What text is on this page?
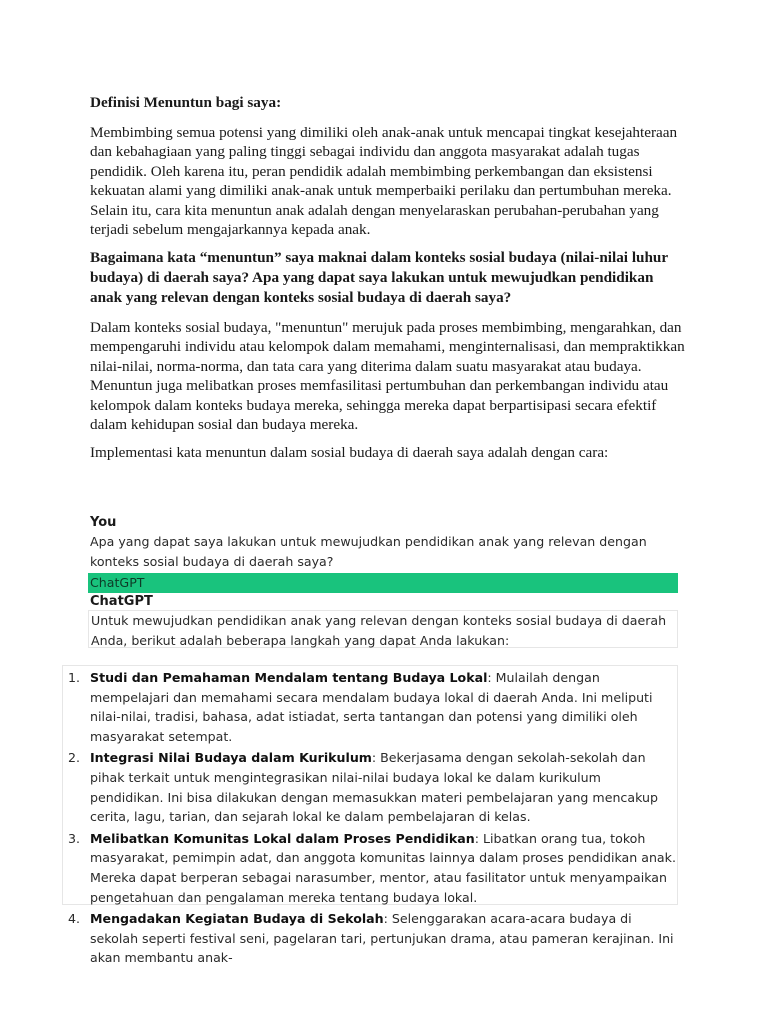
Definisi Menuntun bagi saya:

Membimbing semua potensi yang dimiliki oleh anak-anak untuk mencapai tingkat kesejahteraan dan kebahagiaan yang paling tinggi sebagai individu dan anggota masyarakat adalah tugas pendidik. Oleh karena itu, peran pendidik adalah membimbing perkembangan dan eksistensi kekuatan alami yang dimiliki anak-anak untuk memperbaiki perilaku dan pertumbuhan mereka. Selain itu, cara kita menuntun anak adalah dengan menyelaraskan perubahan-perubahan yang terjadi sebelum mengajarkannya kepada anak.

Bagaimana kata “menuntun” saya maknai dalam konteks sosial budaya (nilai-nilai luhur budaya) di daerah saya? Apa yang dapat saya lakukan untuk mewujudkan pendidikan anak yang relevan dengan konteks sosial budaya di daerah saya?

Dalam konteks sosial budaya, "menuntun" merujuk pada proses membimbing, mengarahkan, dan mempengaruhi individu atau kelompok dalam memahami, menginternalisasi, dan mempraktikkan nilai-nilai, norma-norma, dan tata cara yang diterima dalam suatu masyarakat atau budaya. Menuntun juga melibatkan proses memfasilitasi pertumbuhan dan perkembangan individu atau kelompok dalam konteks budaya mereka, sehingga mereka dapat berpartisipasi secara efektif dalam kehidupan sosial dan budaya mereka.

Implementasi kata menuntun dalam sosial budaya di daerah saya adalah dengan cara:

You

Apa yang dapat saya lakukan untuk mewujudkan pendidikan anak yang relevan dengan konteks sosial budaya di daerah saya?

ChatGPT
ChatGPT

Untuk mewujudkan pendidikan anak yang relevan dengan konteks sosial budaya di daerah Anda, berikut adalah beberapa langkah yang dapat Anda lakukan:

1. Studi dan Pemahaman Mendalam tentang Budaya Lokal: Mulailah dengan mempelajari dan memahami secara mendalam budaya lokal di daerah Anda. Ini meliputi nilai-nilai, tradisi, bahasa, adat istiadat, serta tantangan dan potensi yang dimiliki oleh masyarakat setempat.
2. Integrasi Nilai Budaya dalam Kurikulum: Bekerjasama dengan sekolah-sekolah dan pihak terkait untuk mengintegrasikan nilai-nilai budaya lokal ke dalam kurikulum pendidikan. Ini bisa dilakukan dengan memasukkan materi pembelajaran yang mencakup cerita, lagu, tarian, dan sejarah lokal ke dalam pembelajaran di kelas.
3. Melibatkan Komunitas Lokal dalam Proses Pendidikan: Libatkan orang tua, tokoh masyarakat, pemimpin adat, dan anggota komunitas lainnya dalam proses pendidikan anak. Mereka dapat berperan sebagai narasumber, mentor, atau fasilitator untuk menyampaikan pengetahuan dan pengalaman mereka tentang budaya lokal.
4. Mengadakan Kegiatan Budaya di Sekolah: Selenggarakan acara-acara budaya di sekolah seperti festival seni, pagelaran tari, pertunjukan drama, atau pameran kerajinan. Ini akan membantu anak-
